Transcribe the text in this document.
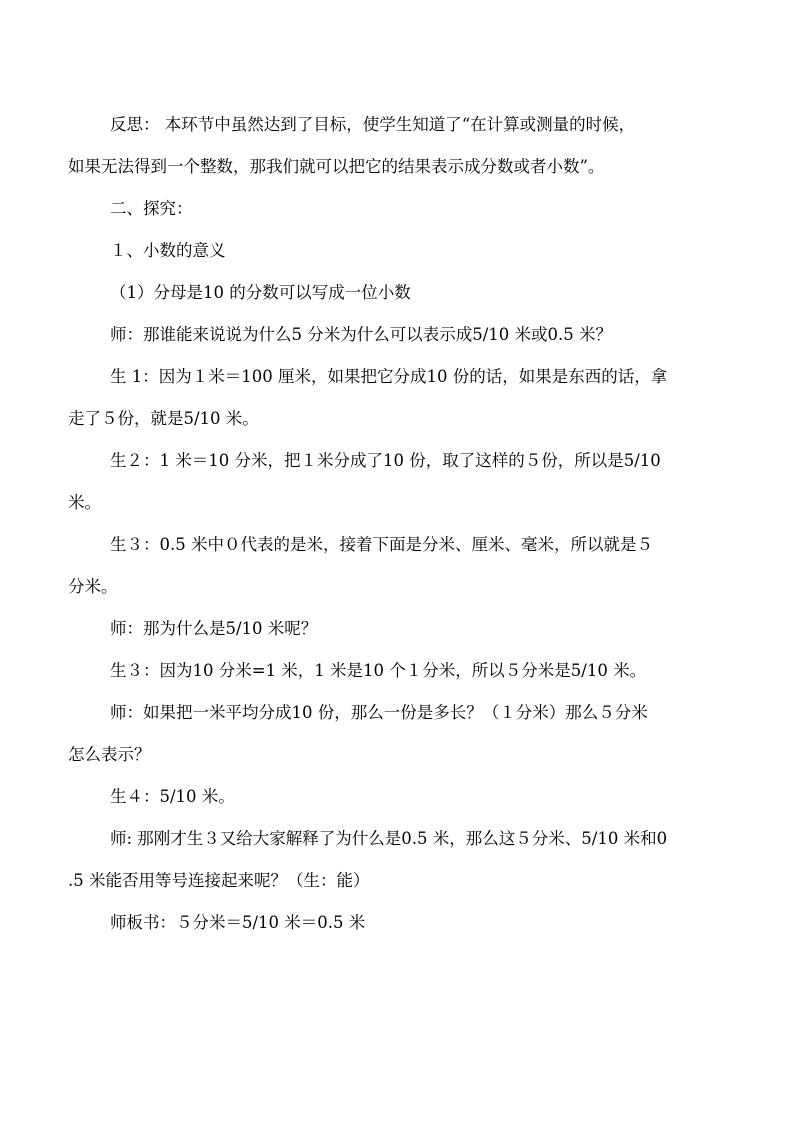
反思： 本环节中虽然达到了目标，使学生知道了“在计算或测量的时候，
如果无法得到一个整数，那我们就可以把它的结果表示成分数或者小数”。

二、探究：

１、小数的意义

（1）分母是10 的分数可以写成一位小数

师：那谁能来说说为什么5 分米为什么可以表示成5/10 米或0.5 米？

生 1：因为１米＝100 厘米，如果把它分成10 份的话，如果是东西的话，拿
走了５份，就是5/10 米。

生２：1 米＝10 分米，把１米分成了10 份，取了这样的５份，所以是5/10
米。

生３：0.5 米中０代表的是米，接着下面是分米、厘米、毫米，所以就是５
分米。

师：那为什么是5/10 米呢？

生３：因为10 分米=1 米，1 米是10 个１分米，所以５分米是5/10 米。

师：如果把一米平均分成10 份，那么一份是多长？（１分米）那么５分米
怎么表示？

生４：5/10 米。

师: 那刚才生３又给大家解释了为什么是0.5 米，那么这５分米、5/10 米和0
.5 米能否用等号连接起来呢？（生：能）

师板书：５分米＝5/10 米＝0.5 米
